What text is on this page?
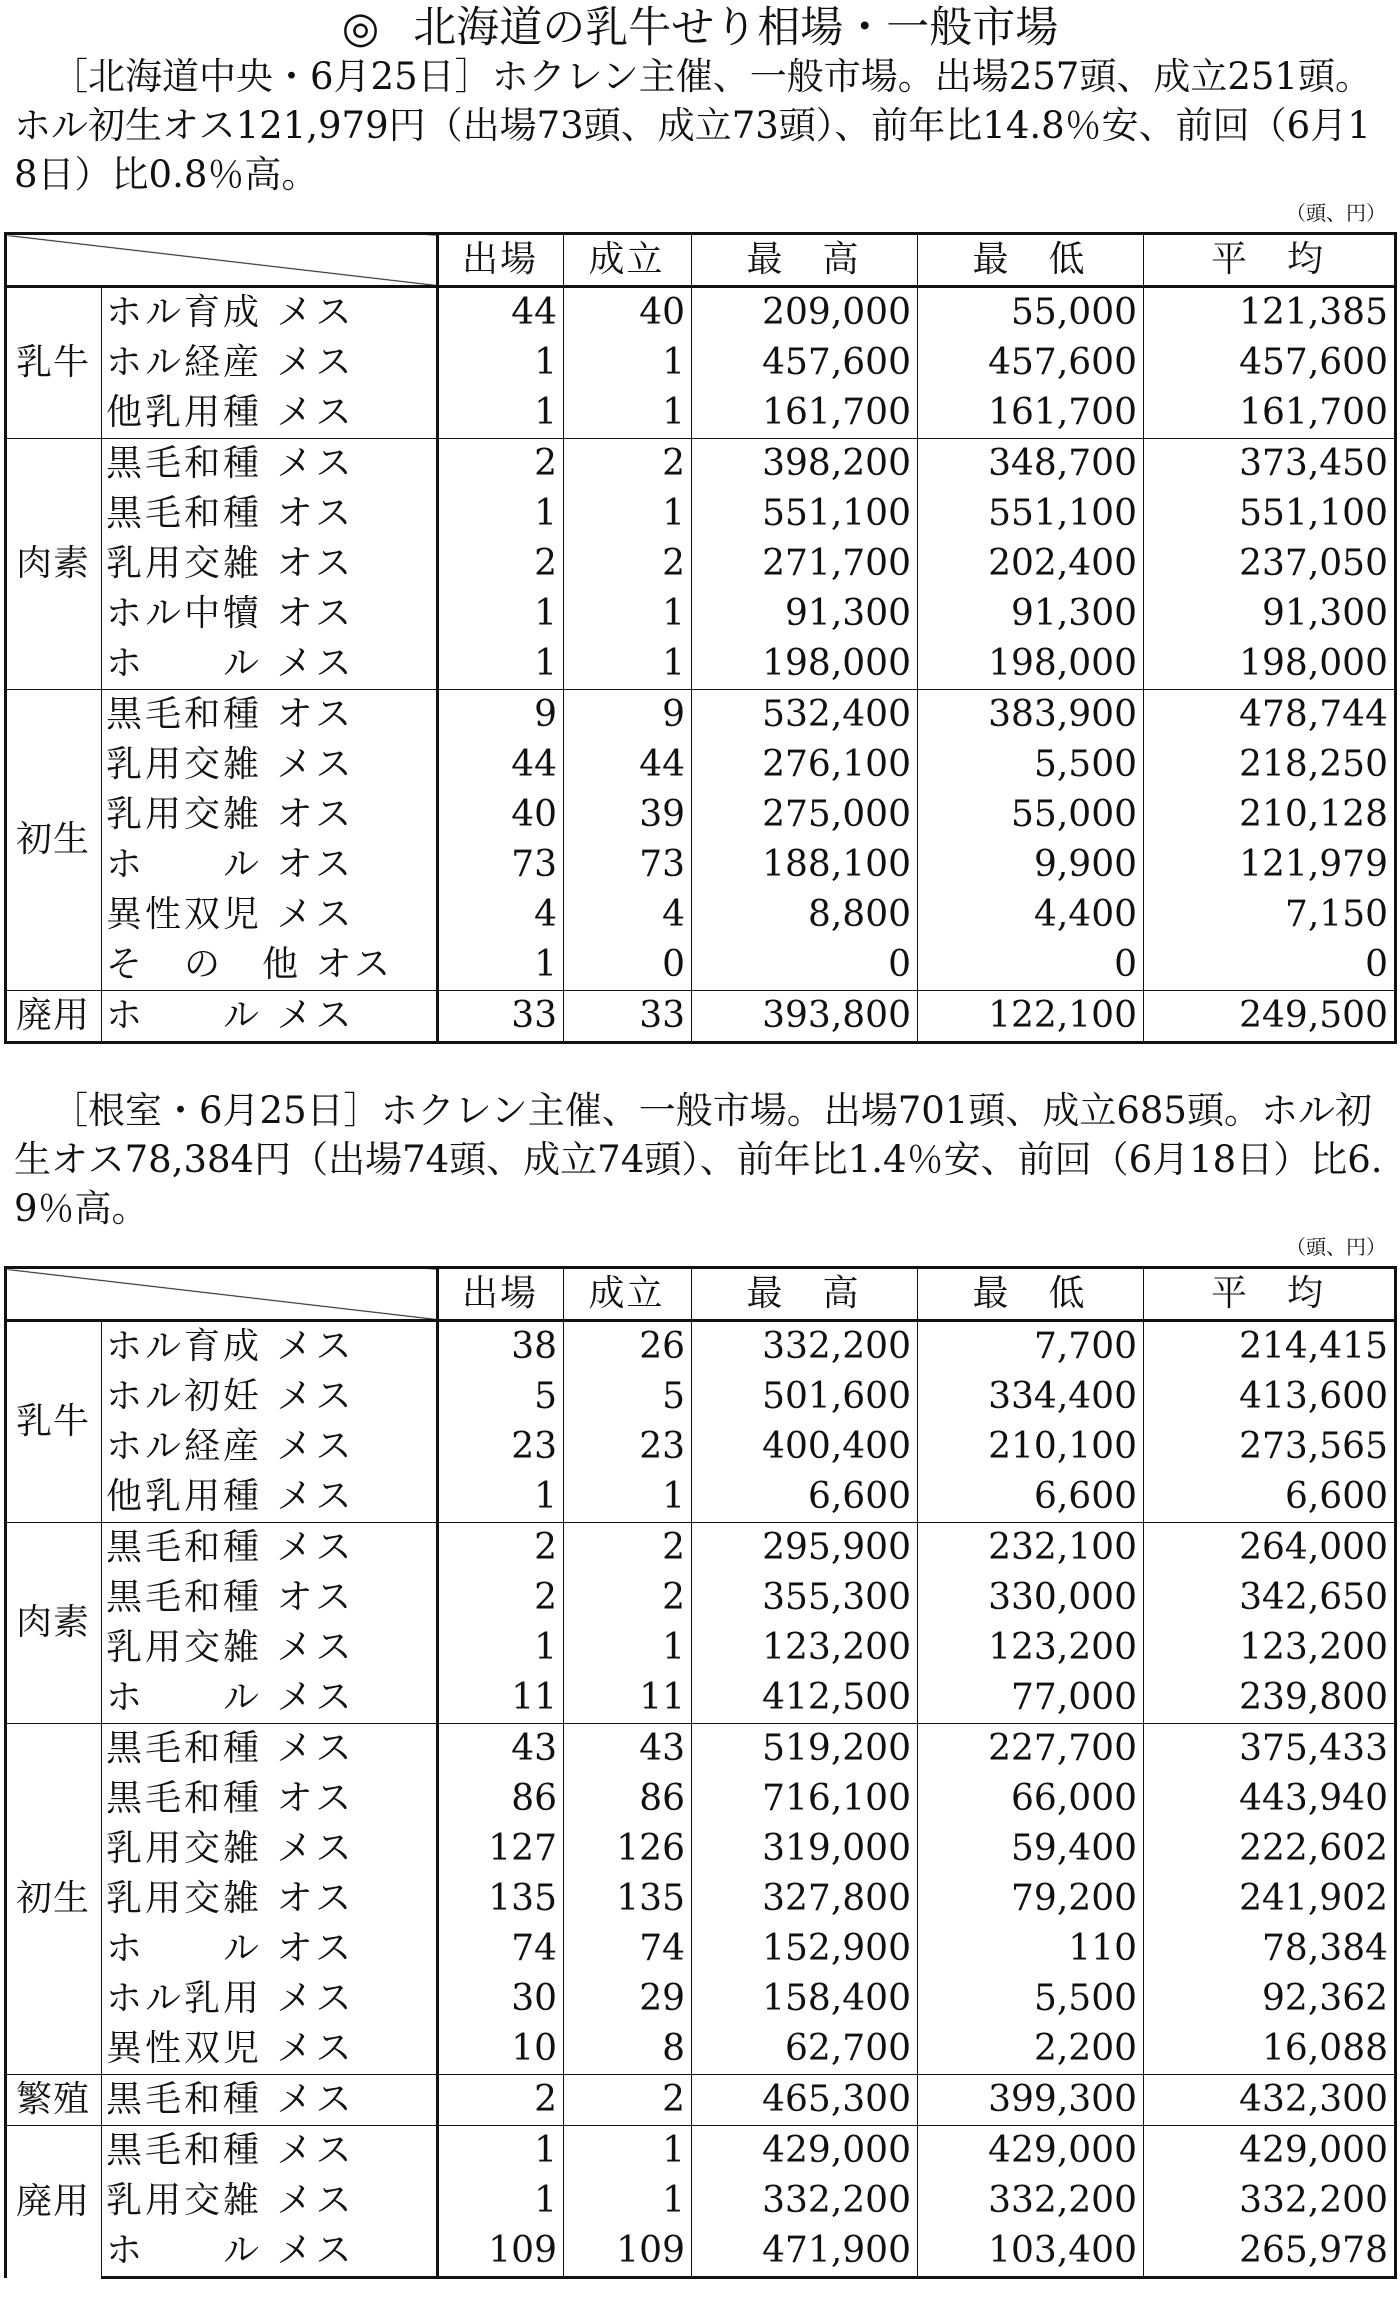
◎ 北海道の乳牛せり相場・一般市場

［北海道中央・6月25日］ホクレン主催、一般市場。出場257頭、成立251頭。ホル初生オス121,979円（出場73頭、成立73頭）、前年比14.8％安、前回（6月18日）比0.8％高。

（頭、円）
		出場	成立	最　高	最　低	平　均
乳牛	ホル育成 メス	44	40	209,000	55,000	121,385
	ホル経産 メス	1	1	457,600	457,600	457,600
	他乳用種 メス	1	1	161,700	161,700	161,700
肉素	黒毛和種 メス	2	2	398,200	348,700	373,450
	黒毛和種 オス	1	1	551,100	551,100	551,100
	乳用交雑 オス	2	2	271,700	202,400	237,050
	ホル中犢 オス	1	1	91,300	91,300	91,300
	ホ　　ル メス	1	1	198,000	198,000	198,000
初生	黒毛和種 オス	9	9	532,400	383,900	478,744
	乳用交雑 メス	44	44	276,100	5,500	218,250
	乳用交雑 オス	40	39	275,000	55,000	210,128
	ホ　　ル オス	73	73	188,100	9,900	121,979
	異性双児 メス	4	4	8,800	4,400	7,150
	そ　の　他 オス	1	0	0	0	0
廃用	ホ　　ル メス	33	33	393,800	122,100	249,500

［根室・6月25日］ホクレン主催、一般市場。出場701頭、成立685頭。ホル初生オス78,384円（出場74頭、成立74頭）、前年比1.4％安、前回（6月18日）比6.9％高。

（頭、円）
		出場	成立	最　高	最　低	平　均
乳牛	ホル育成 メス	38	26	332,200	7,700	214,415
	ホル初妊 メス	5	5	501,600	334,400	413,600
	ホル経産 メス	23	23	400,400	210,100	273,565
	他乳用種 メス	1	1	6,600	6,600	6,600
肉素	黒毛和種 メス	2	2	295,900	232,100	264,000
	黒毛和種 オス	2	2	355,300	330,000	342,650
	乳用交雑 メス	1	1	123,200	123,200	123,200
	ホ　　ル メス	11	11	412,500	77,000	239,800
初生	黒毛和種 メス	43	43	519,200	227,700	375,433
	黒毛和種 オス	86	86	716,100	66,000	443,940
	乳用交雑 メス	127	126	319,000	59,400	222,602
	乳用交雑 オス	135	135	327,800	79,200	241,902
	ホ　　ル オス	74	74	152,900	110	78,384
	ホル乳用 メス	30	29	158,400	5,500	92,362
	異性双児 メス	10	8	62,700	2,200	16,088
繁殖	黒毛和種 メス	2	2	465,300	399,300	432,300
廃用	黒毛和種 メス	1	1	429,000	429,000	429,000
	乳用交雑 メス	1	1	332,200	332,200	332,200
	ホ　　ル メス	109	109	471,900	103,400	265,978
